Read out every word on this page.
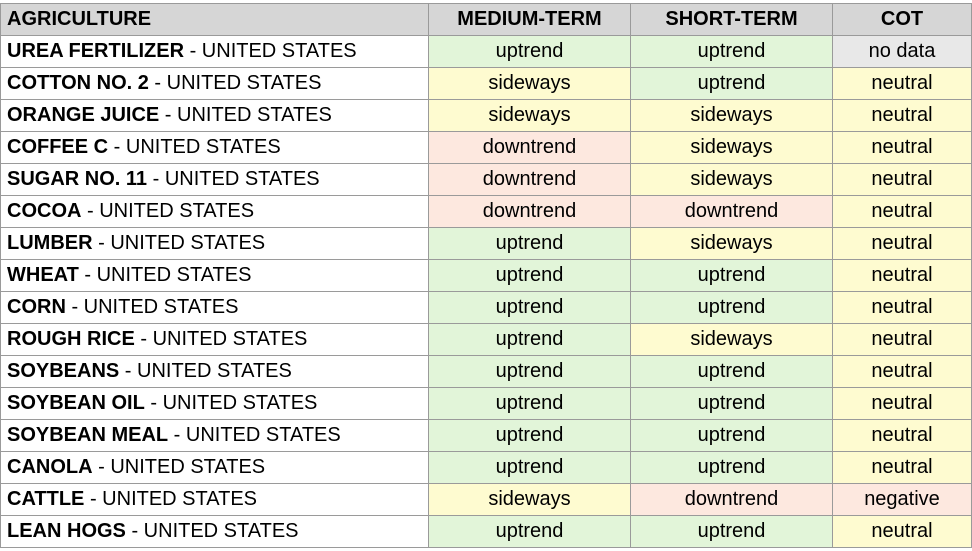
AGRICULTURE	MEDIUM-TERM	SHORT-TERM	COT
UREA FERTILIZER - UNITED STATES	uptrend	uptrend	no data
COTTON NO. 2 - UNITED STATES	sideways	uptrend	neutral
ORANGE JUICE - UNITED STATES	sideways	sideways	neutral
COFFEE C - UNITED STATES	downtrend	sideways	neutral
SUGAR NO. 11 - UNITED STATES	downtrend	sideways	neutral
COCOA - UNITED STATES	downtrend	downtrend	neutral
LUMBER - UNITED STATES	uptrend	sideways	neutral
WHEAT - UNITED STATES	uptrend	uptrend	neutral
CORN - UNITED STATES	uptrend	uptrend	neutral
ROUGH RICE - UNITED STATES	uptrend	sideways	neutral
SOYBEANS - UNITED STATES	uptrend	uptrend	neutral
SOYBEAN OIL - UNITED STATES	uptrend	uptrend	neutral
SOYBEAN MEAL - UNITED STATES	uptrend	uptrend	neutral
CANOLA - UNITED STATES	uptrend	uptrend	neutral
CATTLE - UNITED STATES	sideways	downtrend	negative
LEAN HOGS - UNITED STATES	uptrend	uptrend	neutral
